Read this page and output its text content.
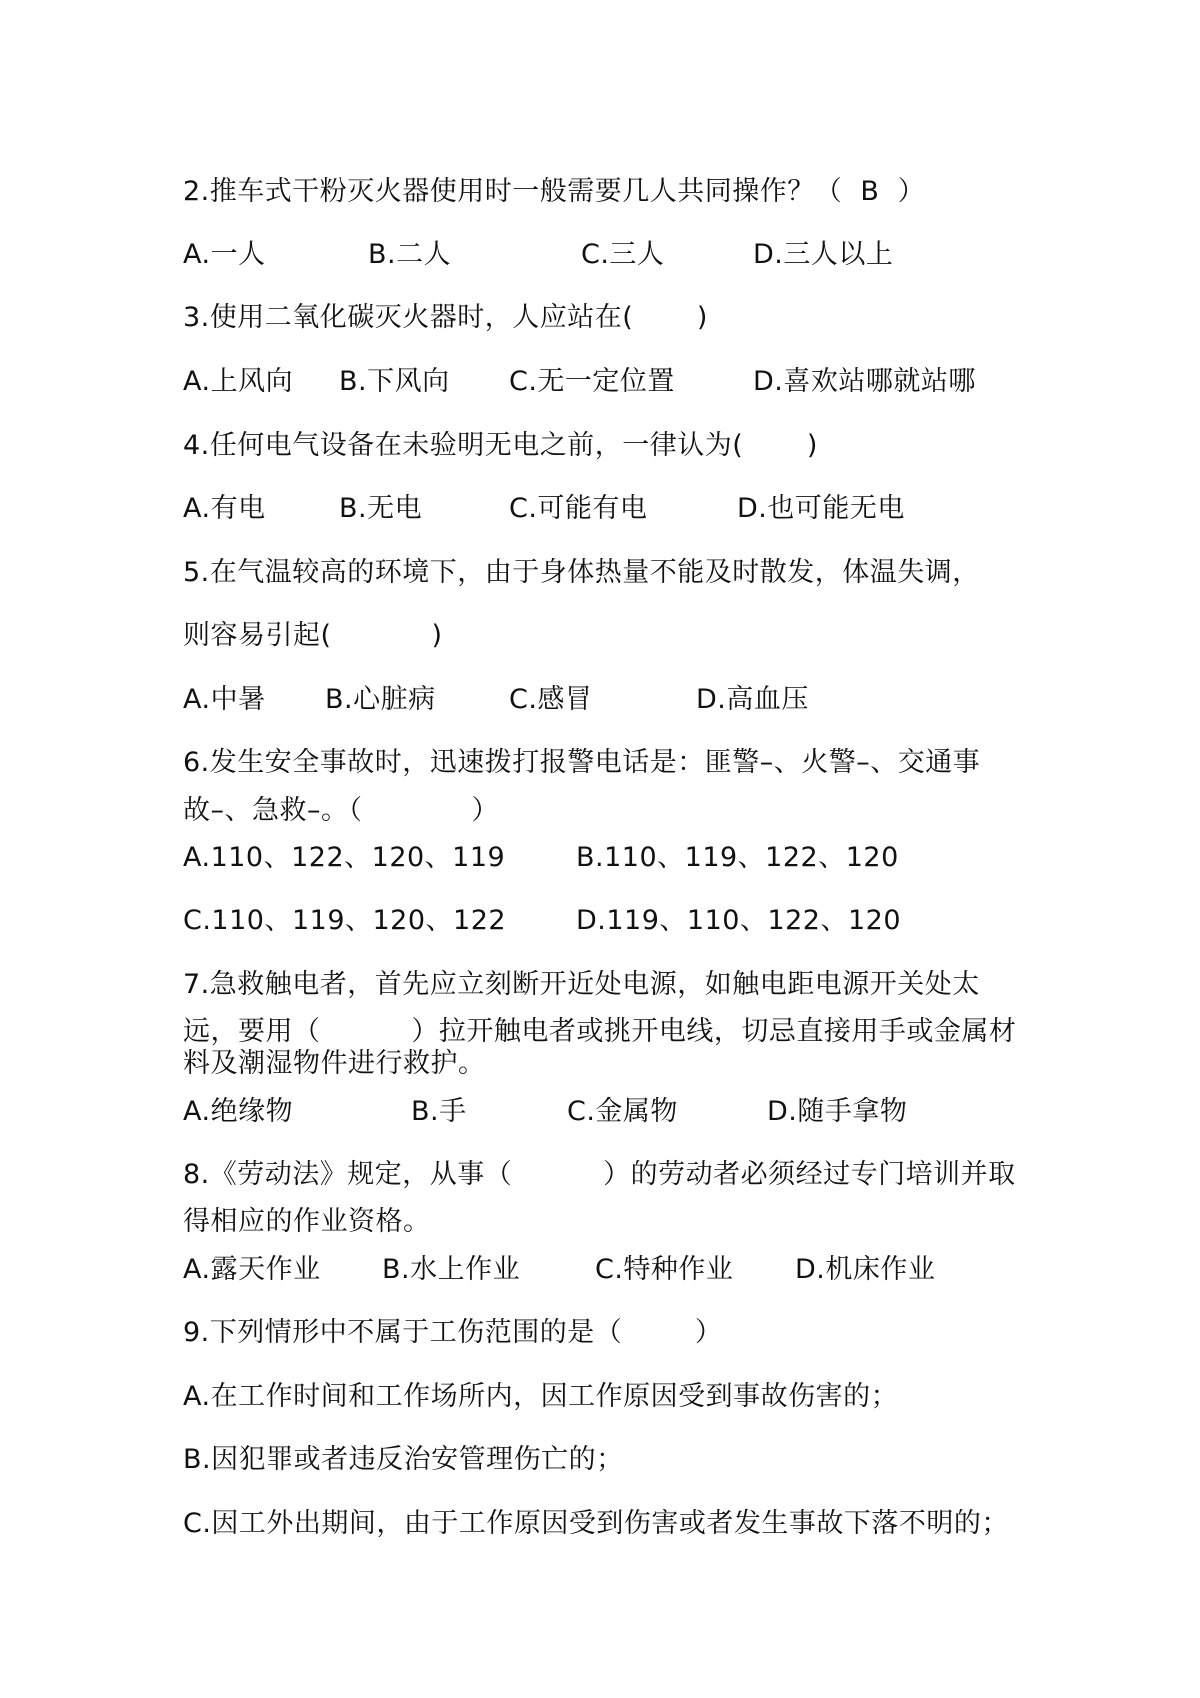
2.推车式干粉灭火器使用时一般需要几人共同操作？（  B  ）
A.一人	B.二人	C.三人	D.三人以上
3.使用二氧化碳灭火器时，人应站在(       )
A.上风向 B.下风向 C.无一定位置	D.喜欢站哪就站哪
4.任何电气设备在未验明无电之前，一律认为(       )
A.有电	B.无电	C.可能有电	D.也可能无电
5.在气温较高的环境下，由于身体热量不能及时散发，体温失调，
则容易引起(           )
A.中暑 B.心脏病	C.感冒	D.高血压
6.发生安全事故时，迅速拨打报警电话是：匪警–、火警–、交通事
故–、急救–。（            ）
A.110、122、120、119	B.110、119、122、120
C.110、119、120、122	D.119、110、122、120
7.急救触电者，首先应立刻断开近处电源，如触电距电源开关处太
远，要用（          ）拉开触电者或挑开电线，切忌直接用手或金属材
料及潮湿物件进行救护。
A.绝缘物	B.手	C.金属物	D.随手拿物
8.《劳动法》规定，从事（          ）的劳动者必须经过专门培训并取
得相应的作业资格。
A.露天作业 B.水上作业	C.特种作业 D.机床作业
9.下列情形中不属于工伤范围的是（        ）
A.在工作时间和工作场所内，因工作原因受到事故伤害的；
B.因犯罪或者违反治安管理伤亡的；
C.因工外出期间，由于工作原因受到伤害或者发生事故下落不明的；
